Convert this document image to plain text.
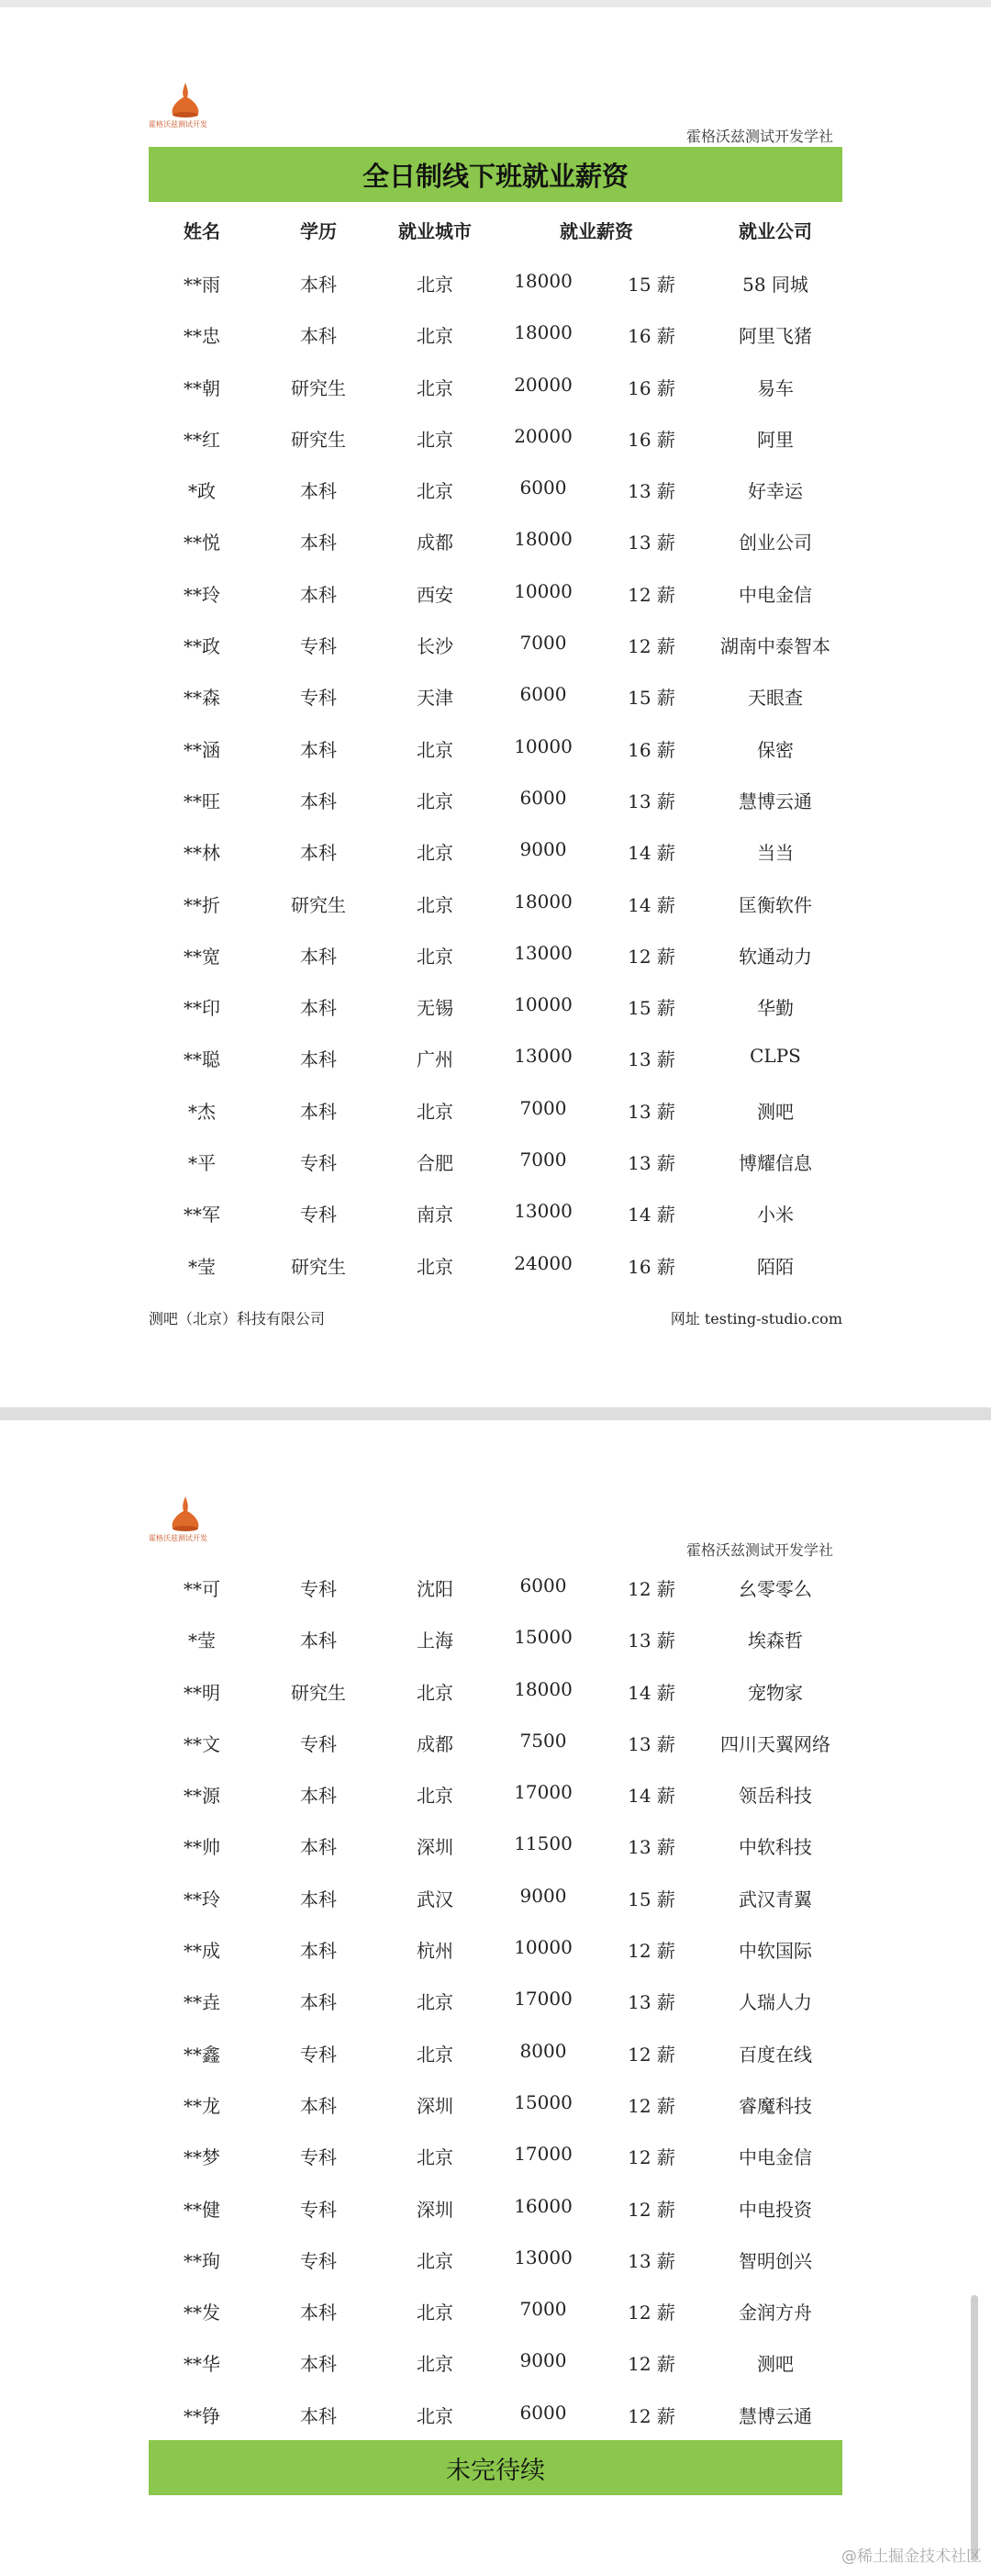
霍格沃兹测试开发
霍格沃兹测试开发学社
全日制线下班就业薪资
姓名	学历	就业城市	就业薪资	就业公司
**雨	本科	北京	18000	15 薪	58 同城
**忠	本科	北京	18000	16 薪	阿里飞猪
**朝	研究生	北京	20000	16 薪	易车
**红	研究生	北京	20000	16 薪	阿里
*政	本科	北京	6000	13 薪	好幸运
**悦	本科	成都	18000	13 薪	创业公司
**玲	本科	西安	10000	12 薪	中电金信
**政	专科	长沙	7000	12 薪 湖南中泰智本
**森	专科	天津	6000	15 薪	天眼查
**涵	本科	北京	10000	16 薪	保密
**旺	本科	北京	6000	13 薪	慧博云通
**林	本科	北京	9000	14 薪	当当
**折	研究生	北京	18000	14 薪	匡衡软件
**宽	本科	北京	13000	12 薪	软通动力
**印	本科	无锡	10000	15 薪	华勤
**聪	本科	广州	13000	13 薪	CLPS
*杰	本科	北京	7000	13 薪	测吧
*平	专科	合肥	7000	13 薪	博耀信息
**军	专科	南京	13000	14 薪	小米
*莹	研究生	北京	24000	16 薪	陌陌
测吧（北京）科技有限公司	网址 testing-studio.com
霍格沃兹测试开发
霍格沃兹测试开发学社
**可	专科	沈阳	6000	12 薪	幺零零么
*莹	本科	上海	15000	13 薪	埃森哲
**明	研究生	北京	18000	14 薪	宠物家
**文	专科	成都	7500	13 薪 四川天翼网络
**源	本科	北京	17000	14 薪	领岳科技
**帅	本科	深圳	11500	13 薪	中软科技
**玲	本科	武汉	9000	15 薪	武汉青翼
**成	本科	杭州	10000	12 薪	中软国际
**垚	本科	北京	17000	13 薪	人瑞人力
**鑫	专科	北京	8000	12 薪	百度在线
**龙	本科	深圳	15000	12 薪	睿魔科技
**梦	专科	北京	17000	12 薪	中电金信
**健	专科	深圳	16000	12 薪	中电投资
**珣	专科	北京	13000	13 薪	智明创兴
**发	本科	北京	7000	12 薪	金润方舟
**华	本科	北京	9000	12 薪	测吧
**铮	本科	北京	6000	12 薪	慧博云通
未完待续
@稀土掘金技术社区
